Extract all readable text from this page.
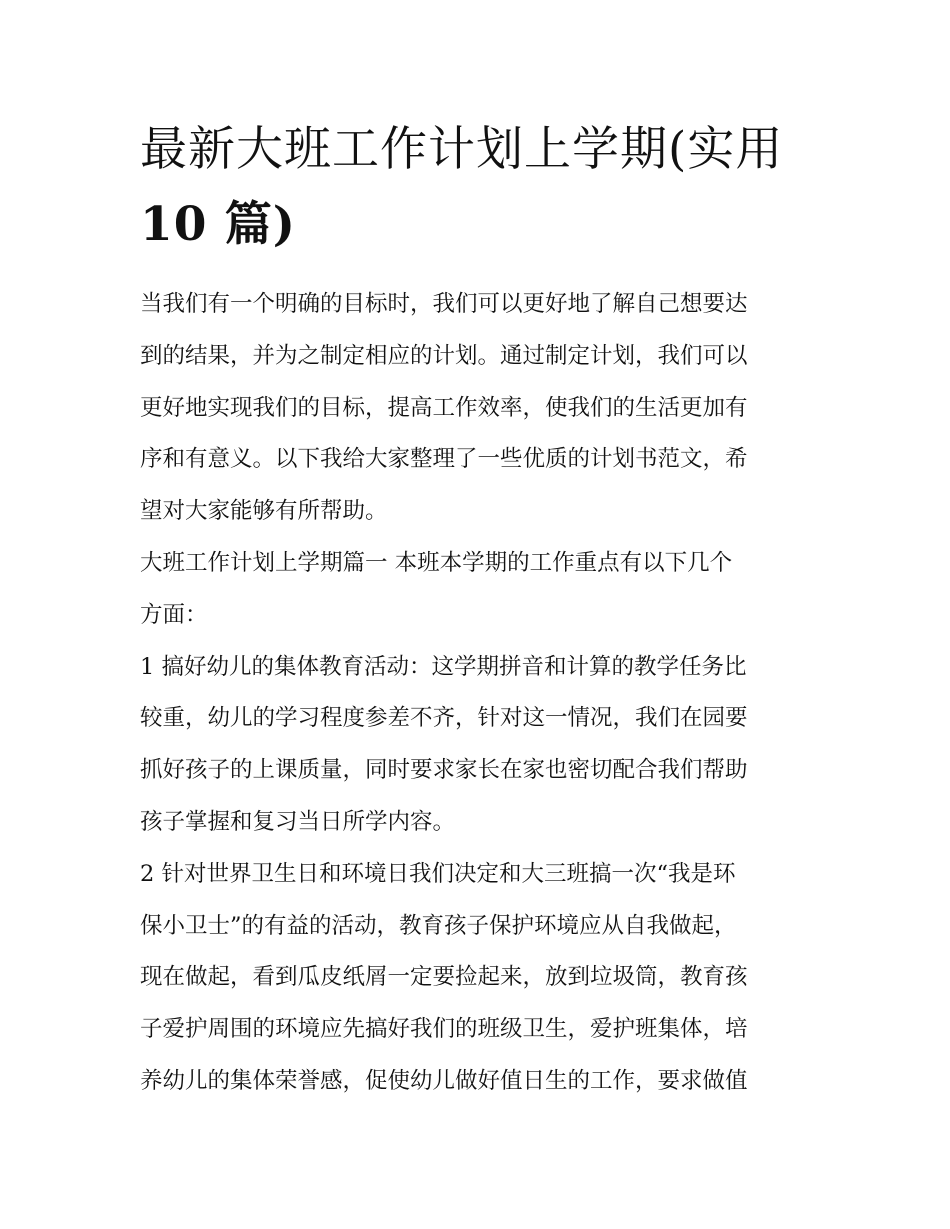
最新大班工作计划上学期(实用
10 篇)

当我们有一个明确的目标时，我们可以更好地了解自己想要达
到的结果，并为之制定相应的计划。通过制定计划，我们可以
更好地实现我们的目标，提高工作效率，使我们的生活更加有
序和有意义。以下我给大家整理了一些优质的计划书范文，希
望对大家能够有所帮助。

大班工作计划上学期篇一 本班本学期的工作重点有以下几个
方面：

1 搞好幼儿的集体教育活动：这学期拼音和计算的教学任务比
较重，幼儿的学习程度参差不齐，针对这一情况，我们在园要
抓好孩子的上课质量，同时要求家长在家也密切配合我们帮助
孩子掌握和复习当日所学内容。

2 针对世界卫生日和环境日我们决定和大三班搞一次“我是环
保小卫士”的有益的活动，教育孩子保护环境应从自我做起，
现在做起，看到瓜皮纸屑一定要捡起来，放到垃圾筒，教育孩
子爱护周围的环境应先搞好我们的班级卫生，爱护班集体，培
养幼儿的集体荣誉感，促使幼儿做好值日生的工作，要求做值
